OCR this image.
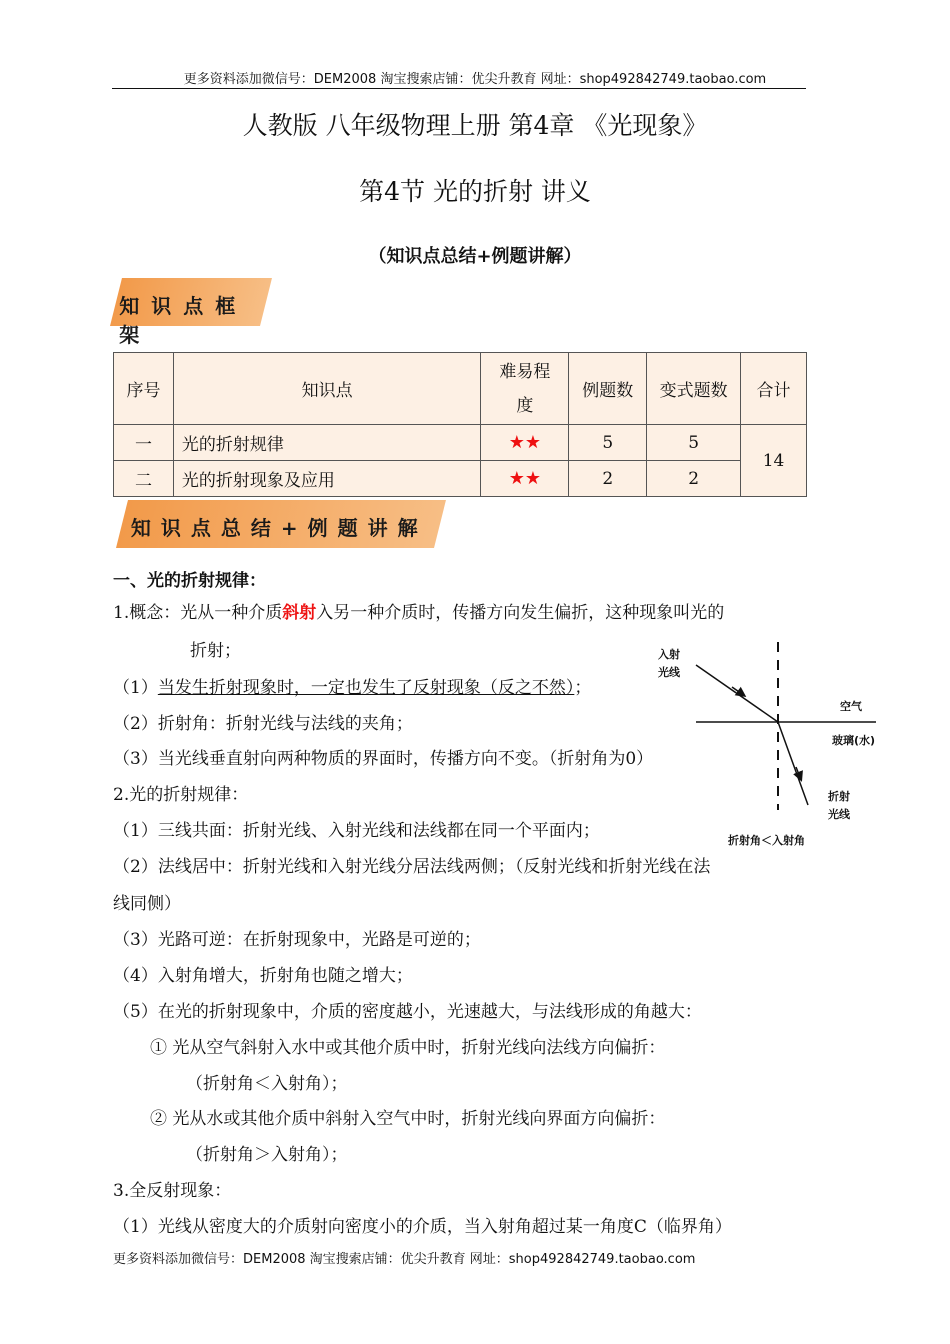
更多资料添加微信号：DEM2008 淘宝搜索店铺：优尖升教育 网址：shop492842749.taobao.com
人教版 八年级物理上册 第4章 《光现象》
第4节 光的折射 讲义
（知识点总结+例题讲解）
知识点框架
序号	知识点	难易程度	例题数	变式题数	合计
一	光的折射规律	★★	5	5	14
二	光的折射现象及应用	★★	2	2	
知识点总结+例题讲解
一、光的折射规律：
1.概念：光从一种介质斜射入另一种介质时，传播方向发生偏折，这种现象叫光的
折射；
（1）当发生折射现象时，一定也发生了反射现象（反之不然）；
（2）折射角：折射光线与法线的夹角；
（3）当光线垂直射向两种物质的界面时，传播方向不变。（折射角为0）
2.光的折射规律：
（1）三线共面：折射光线、入射光线和法线都在同一个平面内；
（2）法线居中：折射光线和入射光线分居法线两侧；（反射光线和折射光线在法
线同侧）
（3）光路可逆：在折射现象中，光路是可逆的；
（4）入射角增大，折射角也随之增大；
（5）在光的折射现象中，介质的密度越小，光速越大，与法线形成的角越大：
① 光从空气斜射入水中或其他介质中时，折射光线向法线方向偏折：
（折射角＜入射角）；
② 光从水或其他介质中斜射入空气中时，折射光线向界面方向偏折：
（折射角＞入射角）；
3.全反射现象：
（1）光线从密度大的介质射向密度小的介质，当入射角超过某一角度C（临界角）
入射
光线
空气
玻璃(水)
折射
光线
折射角＜入射角
更多资料添加微信号：DEM2008 淘宝搜索店铺：优尖升教育 网址：shop492842749.taobao.com
